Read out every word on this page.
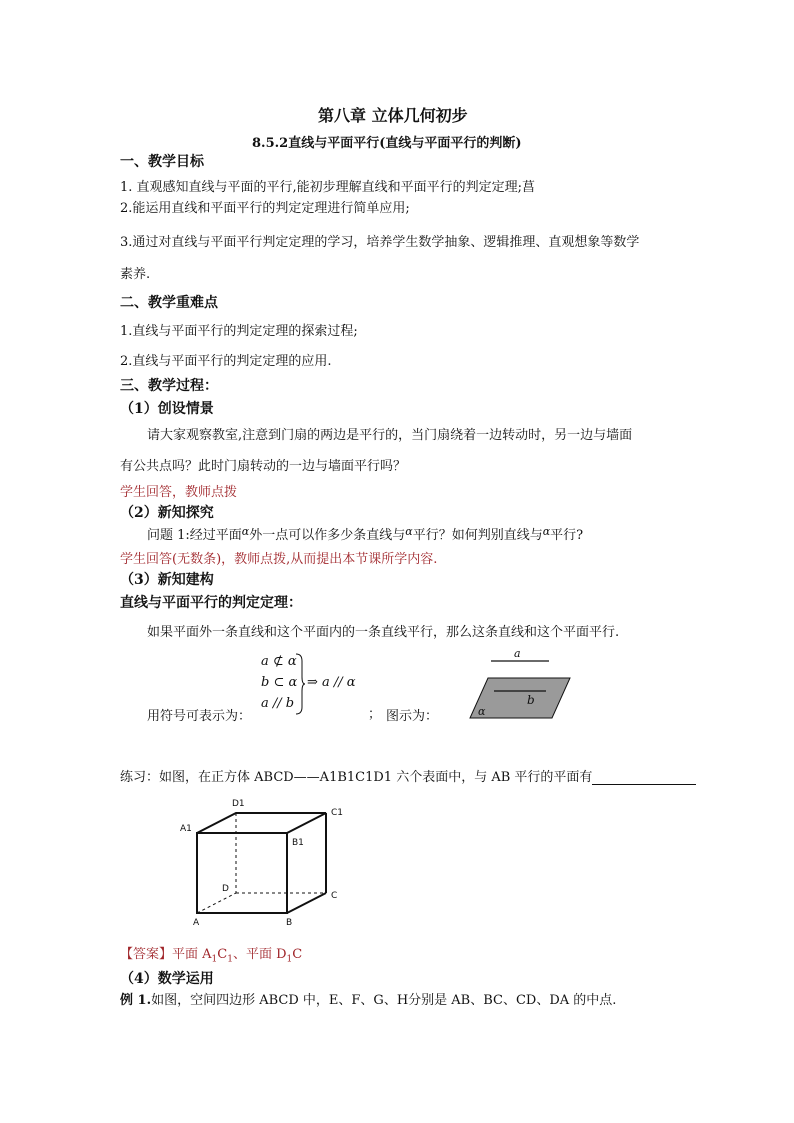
第八章 立体几何初步
8.5.2直线与平面平行(直线与平面平行的判断)
一、教学目标
1. 直观感知直线与平面的平行,能初步理解直线和平面平行的判定定理;菖
2.能运用直线和平面平行的判定定理进行简单应用;
3.通过对直线与平面平行判定定理的学习，培养学生数学抽象、逻辑推理、直观想象等数学
素养.
二、教学重难点
1.直线与平面平行的判定定理的探索过程;
2.直线与平面平行的判定定理的应用.
三、教学过程：
（1）创设情景
请大家观察教室,注意到门扇的两边是平行的，当门扇绕着一边转动时，另一边与墙面
有公共点吗？此时门扇转动的一边与墙面平行吗？
学生回答，教师点拨
（2）新知探究
问题 1:经过平面$^\alpha$外一点可以作多少条直线与$^\alpha$平行？如何判别直线与$^\alpha$平行?
学生回答(无数条)，教师点拨,从而提出本节课所学内容.
（3）新知建构
直线与平面平行的判定定理：
如果平面外一条直线和这个平面内的一条直线平行，那么这条直线和这个平面平行.
a ⊄ α
b ⊂ α
a // b
⇒ a // α
用符号可表示为：	； 图示为：
a
b
α
练习：如图，在正方体 ABCD——A1B1C1D1 六个表面中，与 AB 平行的平面有
D1
C1
A1
B1
D
C
A	B
【答案】平面 $A_1C_1$、平面 $D_1C$
（4）数学运用
例 1.如图，空间四边形 ABCD 中，E、F、G、H分别是 AB、BC、CD、DA 的中点.
